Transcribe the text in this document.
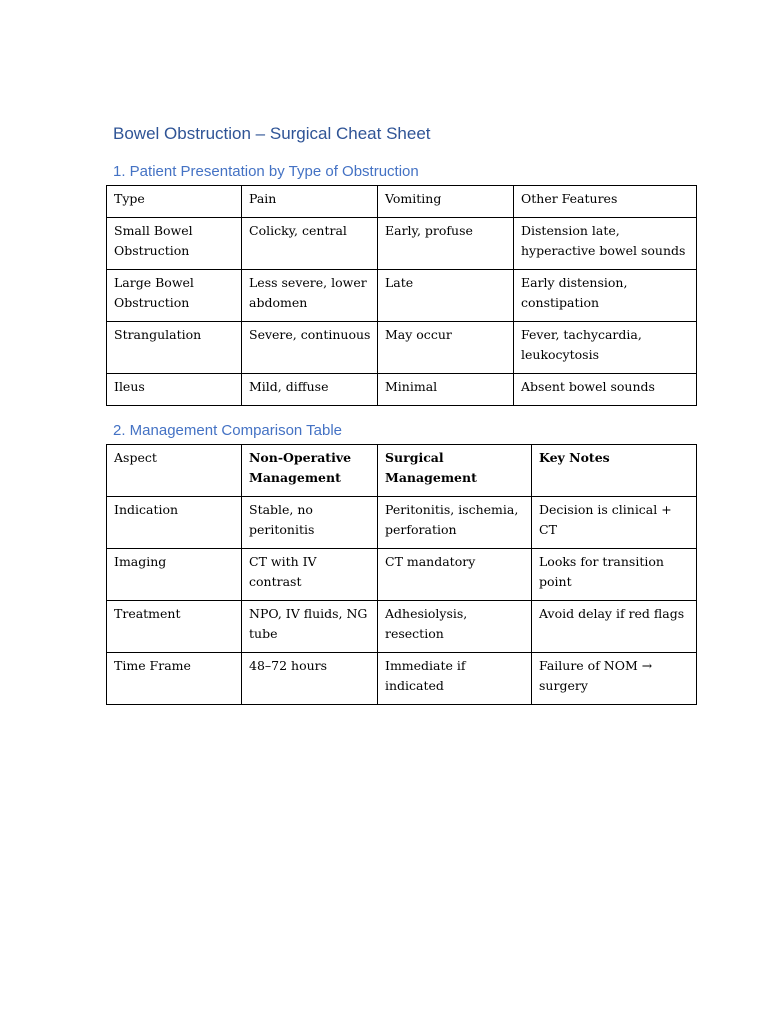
Bowel Obstruction – Surgical Cheat Sheet
1. Patient Presentation by Type of Obstruction
Type	Pain	Vomiting	Other Features
Small Bowel Obstruction	Colicky, central	Early, profuse	Distension late, hyperactive bowel sounds
Large Bowel Obstruction	Less severe, lower abdomen	Late	Early distension, constipation
Strangulation	Severe, continuous	May occur	Fever, tachycardia, leukocytosis
Ileus	Mild, diffuse	Minimal	Absent bowel sounds
2. Management Comparison Table
Aspect	Non-Operative Management	Surgical Management	Key Notes
Indication	Stable, no peritonitis	Peritonitis, ischemia, perforation	Decision is clinical + CT
Imaging	CT with IV contrast	CT mandatory	Looks for transition point
Treatment	NPO, IV fluids, NG tube	Adhesiolysis, resection	Avoid delay if red flags
Time Frame	48–72 hours	Immediate if indicated	Failure of NOM → surgery
